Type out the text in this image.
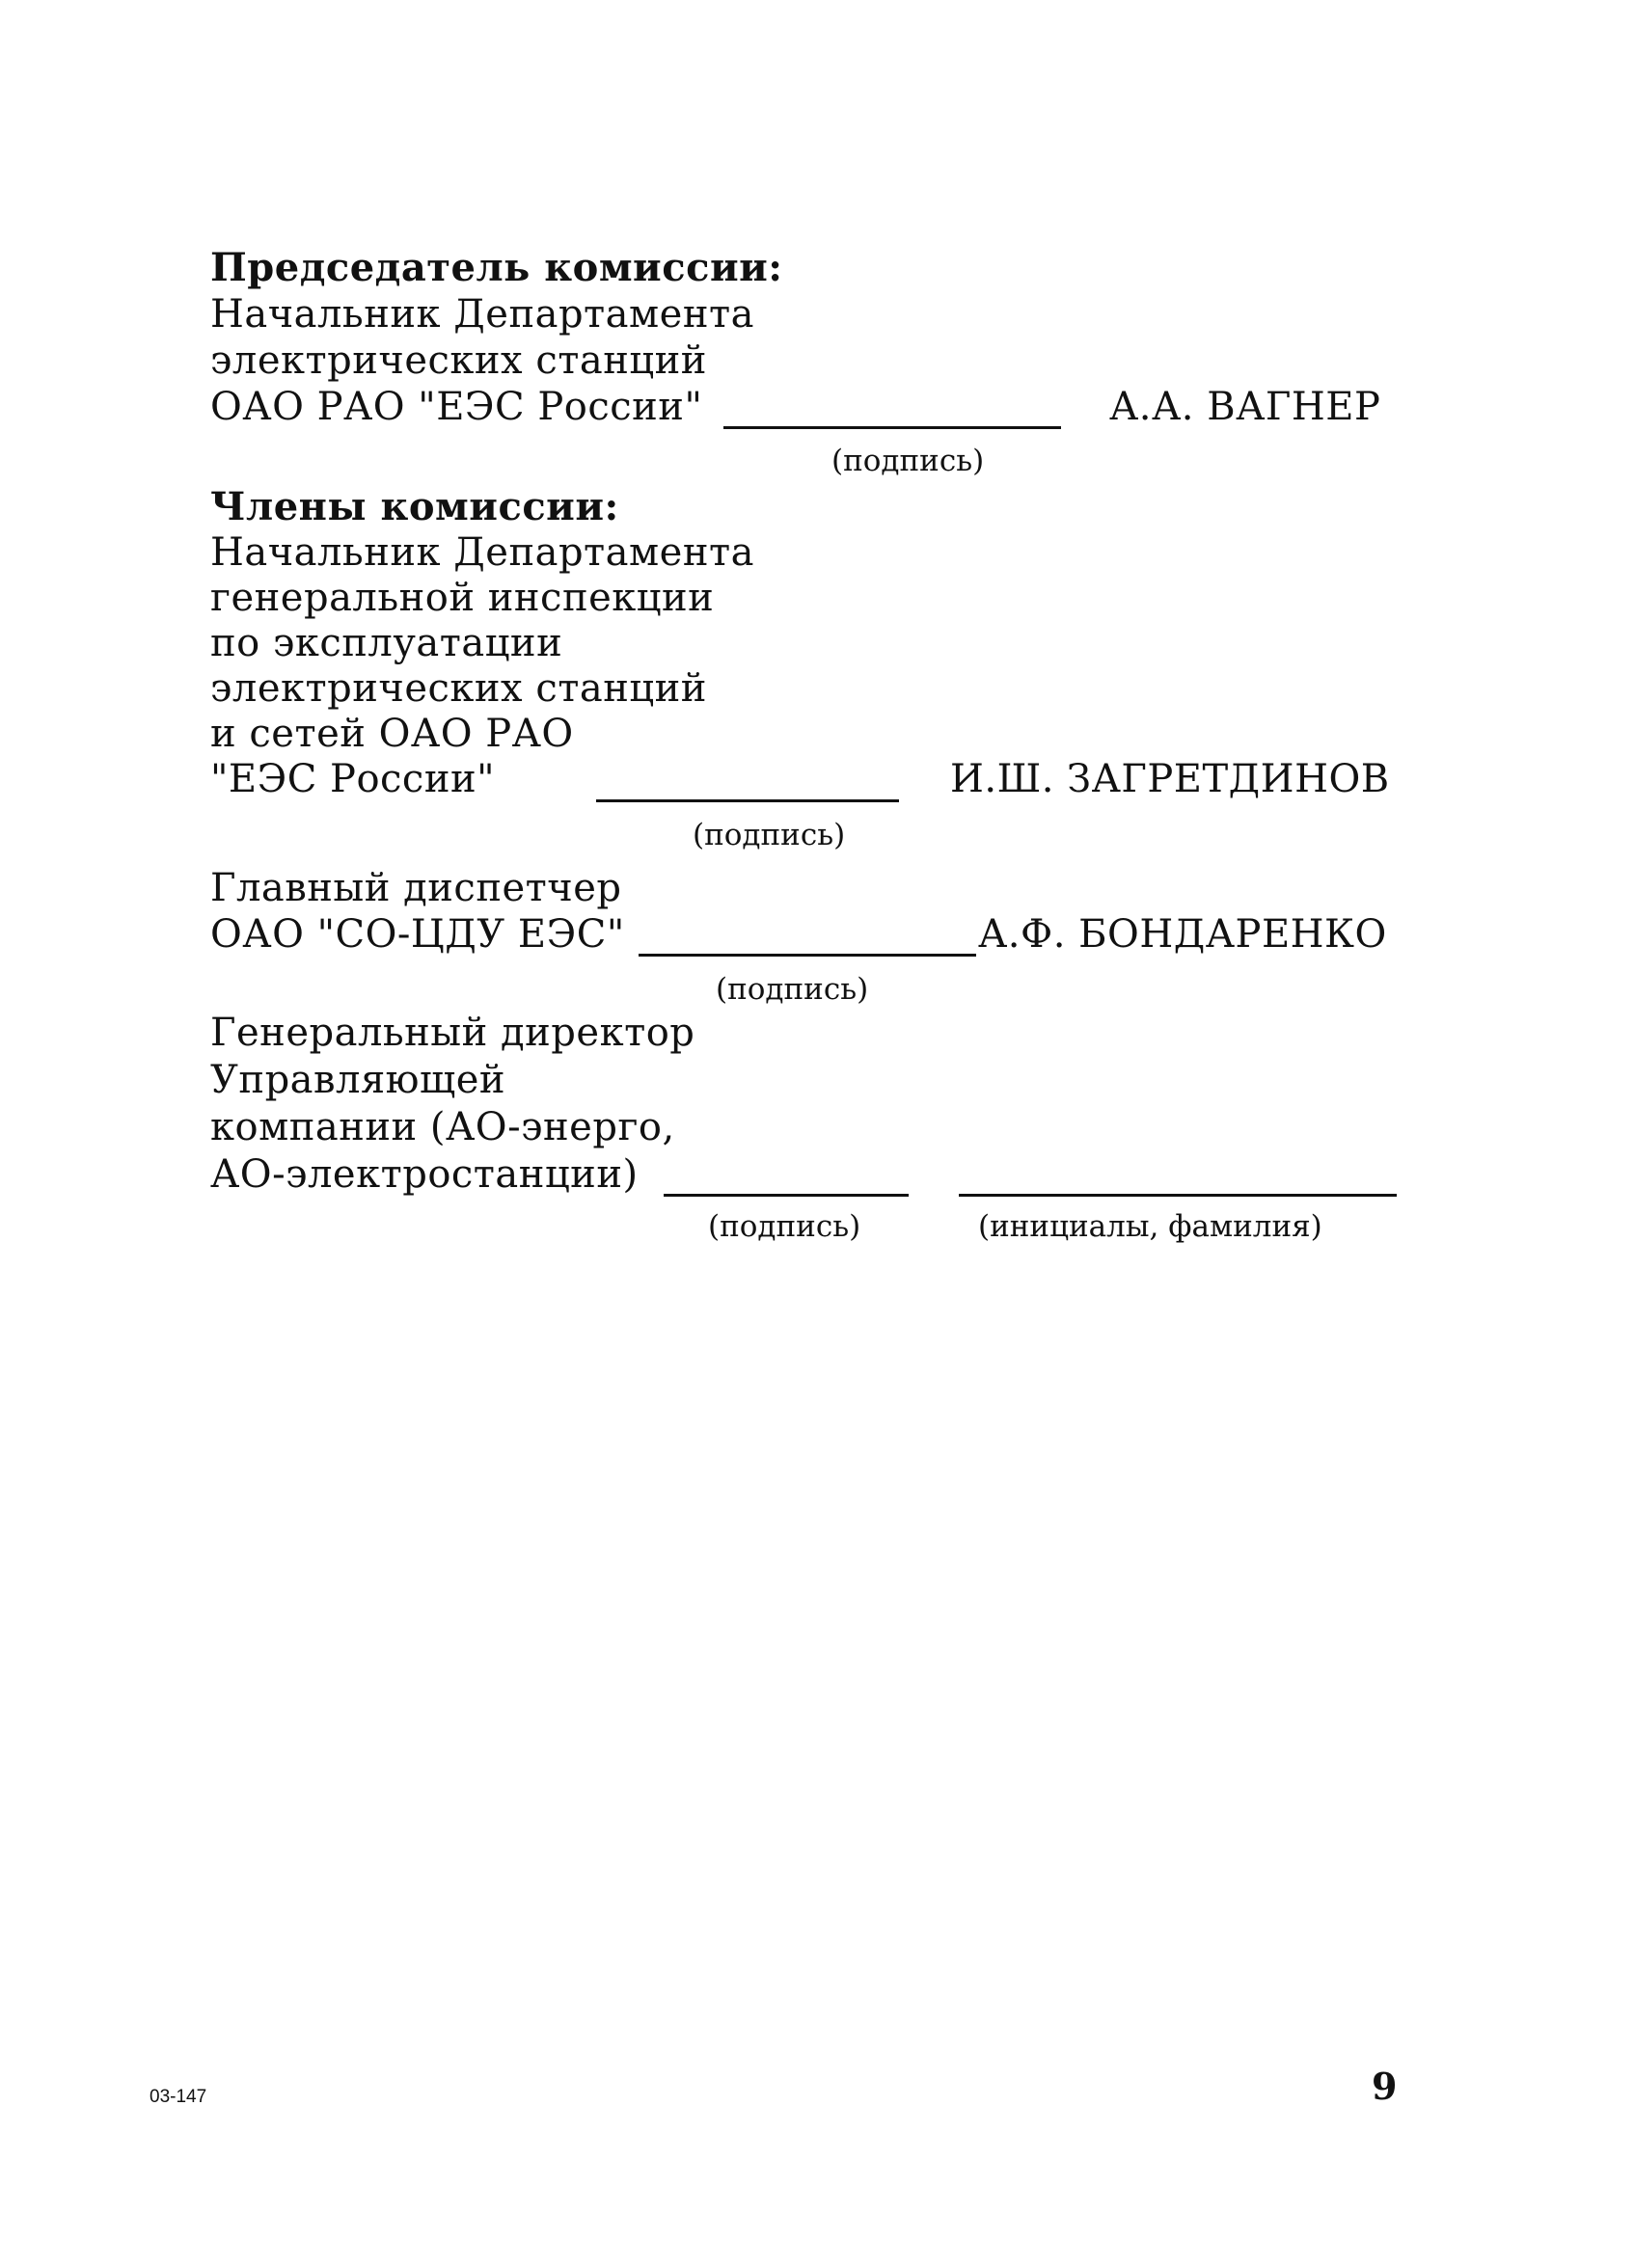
Председатель комиссии:
Начальник Департамента
электрических станций
ОАО РАО "ЕЭС России"	А.А. ВАГНЕР
(подпись)
Члены комиссии:
Начальник Департамента
генеральной инспекции
по эксплуатации
электрических станций
и сетей ОАО РАО
"ЕЭС России"	И.Ш. ЗАГРЕТДИНОВ
(подпись)
Главный диспетчер
ОАО "СО-ЦДУ ЕЭС"	А.Ф. БОНДАРЕНКО
(подпись)
Генеральный директор
Управляющей
компании (АО-энерго,
АО-электростанции)
(подпись)	(инициалы, фамилия)
03-147	9
